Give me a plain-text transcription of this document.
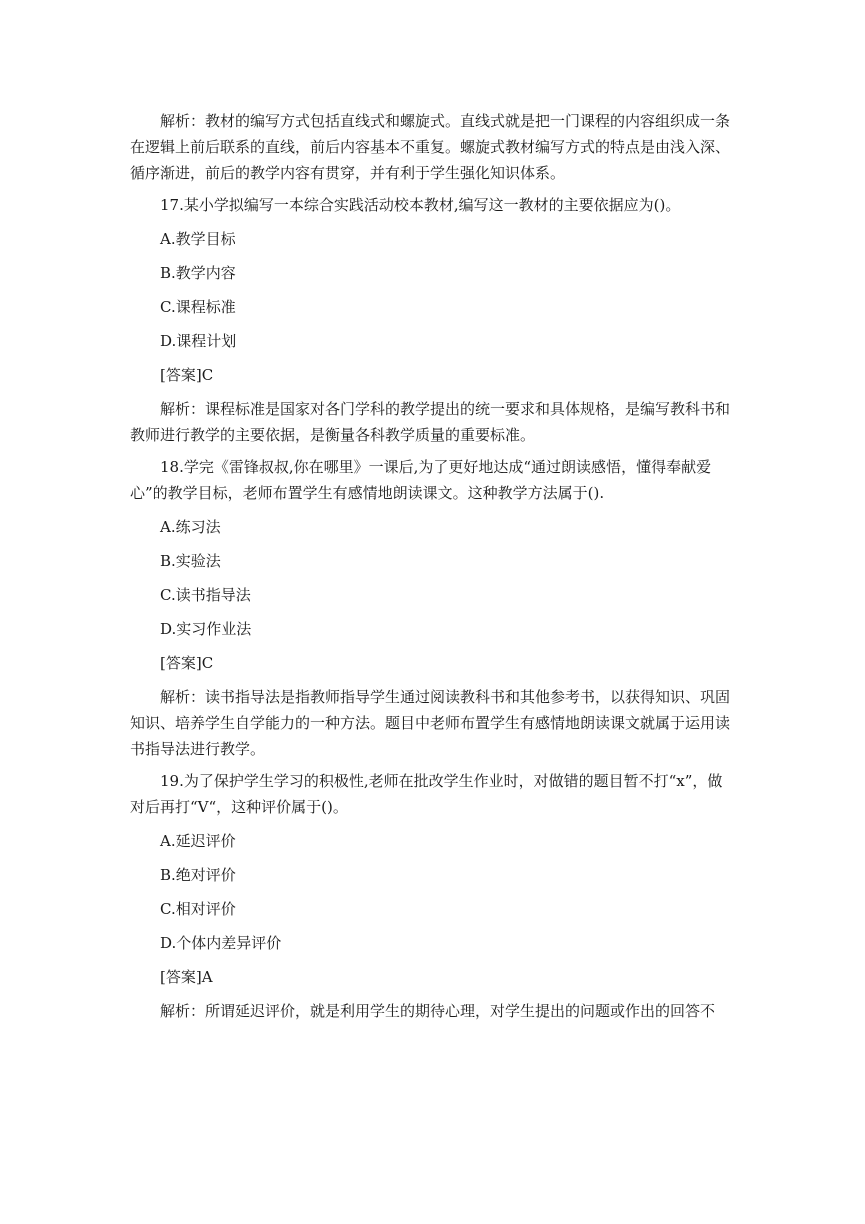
解析：教材的编写方式包括直线式和螺旋式。直线式就是把一门课程的内容组织成一条在逻辑上前后联系的直线，前后内容基本不重复。螺旋式教材编写方式的特点是由浅入深、循序渐进，前后的教学内容有贯穿，并有利于学生强化知识体系。

17.某小学拟编写一本综合实践活动校本教材,编写这一教材的主要依据应为()。

A.教学目标

B.教学内容

C.课程标准

D.课程计划

[答案]C

解析：课程标准是国家对各门学科的教学提出的统一要求和具体规格，是编写教科书和教师进行教学的主要依据，是衡量各科教学质量的重要标准。

18.学完《雷锋叔叔,你在哪里》一课后,为了更好地达成“通过朗读感悟，懂得奉献爱心”的教学目标，老师布置学生有感情地朗读课文。这种教学方法属于().

A.练习法

B.实验法

C.读书指导法

D.实习作业法

[答案]C

解析：读书指导法是指教师指导学生通过阅读教科书和其他参考书，以获得知识、巩固知识、培养学生自学能力的一种方法。题目中老师布置学生有感情地朗读课文就属于运用读书指导法进行教学。

19.为了保护学生学习的积极性,老师在批改学生作业时，对做错的题目暂不打“x”，做对后再打“V“，这种评价属于()。

A.延迟评价

B.绝对评价

C.相对评价

D.个体内差异评价

[答案]A

解析：所谓延迟评价，就是利用学生的期待心理，对学生提出的问题或作出的回答不
